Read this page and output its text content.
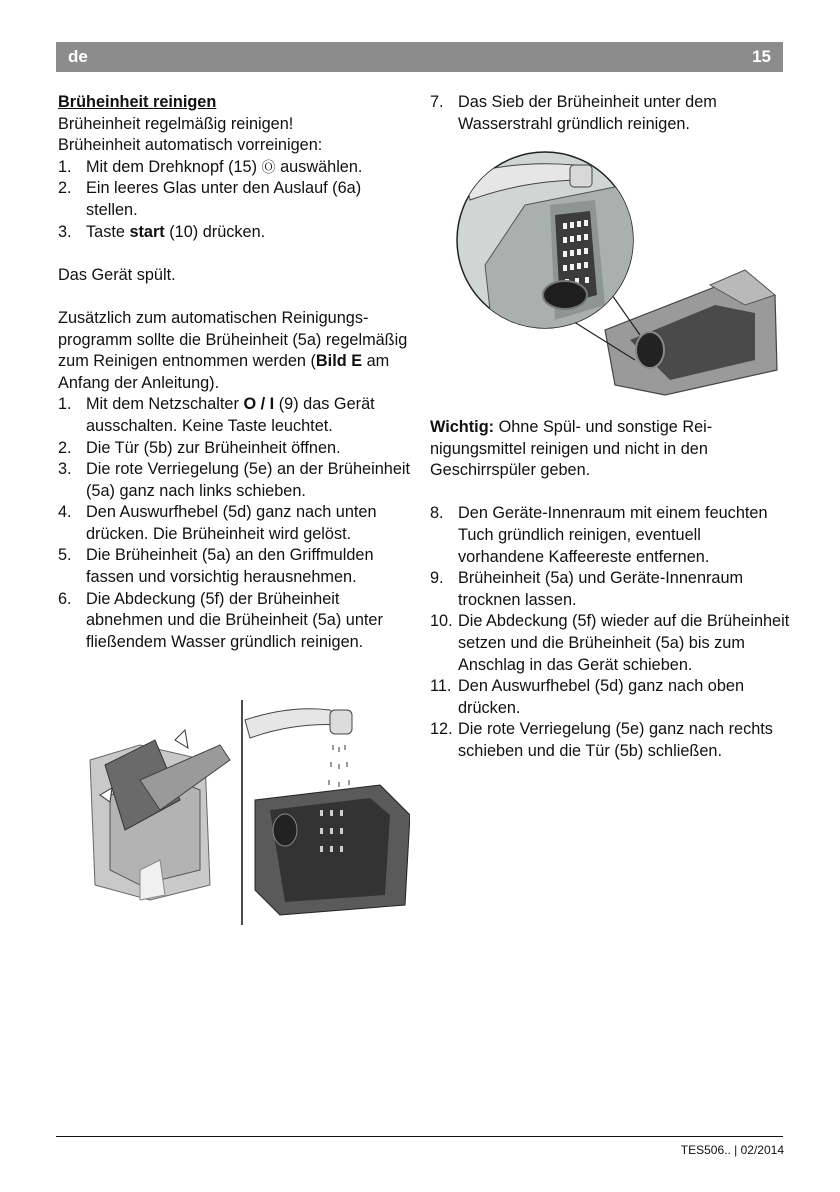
de	15

Brüheinheit reinigen

Brüheinheit regelmäßig reinigen!

Brüheinheit automatisch vorreinigen:

1. Mit dem Drehknopf (15) Ⓞ auswählen.
2. Ein leeres Glas unter den Auslauf (6a) stellen.
3. Taste start (10) drücken.

Das Gerät spült.

Zusätzlich zum automatischen Reinigungsprogramm sollte die Brüheinheit (5a) regelmäßig zum Reinigen entnommen werden (Bild E am Anfang der Anleitung).

1. Mit dem Netzschalter O / I (9) das Gerät ausschalten. Keine Taste leuchtet.
2. Die Tür (5b) zur Brüheinheit öffnen.
3. Die rote Verriegelung (5e) an der Brüheinheit (5a) ganz nach links schieben.
4. Den Auswurfhebel (5d) ganz nach unten drücken. Die Brüheinheit wird gelöst.
5. Die Brüheinheit (5a) an den Griffmulden fassen und vorsichtig herausnehmen.
6. Die Abdeckung (5f) der Brüheinheit abnehmen und die Brüheinheit (5a) unter fließendem Wasser gründlich reinigen.
7. Das Sieb der Brüheinheit unter dem Wasserstrahl gründlich reinigen.

Wichtig: Ohne Spül- und sonstige Reinigungsmittel reinigen und nicht in den Geschirrspüler geben.

8. Den Geräte-Innenraum mit einem feuchten Tuch gründlich reinigen, eventuell vorhandene Kaffeereste entfernen.
9. Brüheinheit (5a) und Geräte-Innenraum trocknen lassen.
10. Die Abdeckung (5f) wieder auf die Brüheinheit setzen und die Brüheinheit (5a) bis zum Anschlag in das Gerät schieben.
11. Den Auswurfhebel (5d) ganz nach oben drücken.
12. Die rote Verriegelung (5e) ganz nach rechts schieben und die Tür (5b) schließen.
TES506.. | 02/2014
